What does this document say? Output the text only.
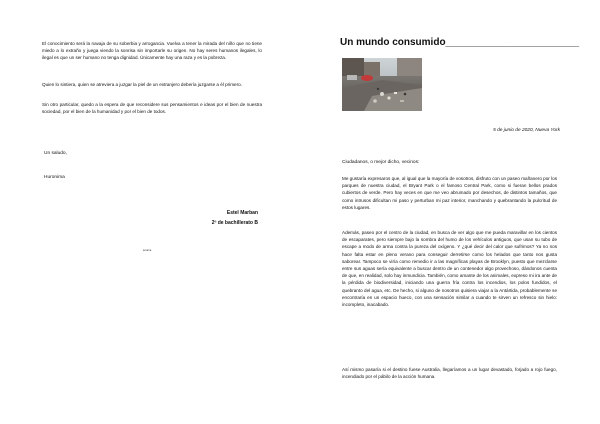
El conocimiento será la navaja de su soberbia y arrogancia. Vuelva a tener la mirada del niño que no tiene miedo a lo extraño y juega viendo la sonrisa sin importarle su origen. No hay seres humanos ilegales, lo ilegal es que un ser humano no tenga dignidad. Únicamente hay una raza y es la pobreza.

Quien lo sintiera, quien se atreviera a juzgar la piel de un extranjero debería juzgarse a él primero.

Sin otro particular, quedo a la espera de que reconsidere sus pensamientos e ideas por el bien de nuestra sociedad, por el bien de la humanidad y por el bien de todos.

Un saludo,
Huronima
Estel Marban
2º de bachillerato B
source
Un mundo consumido________________________
5 de junio de 2020, Nueva York
Ciudadanos, o mejor dicho, vecinos:

Me gustaría expresaros que, al igual que la mayoría de vosotros, disfruto con un paseo mañanero por los parques de nuestra ciudad, el Bryant Park o el famoso Central Park, como si fueran bellos prados cubiertos de verde. Pero hay veces en que me veo abrumado por desechos, de distintos tamaños, que como intrusos dificultan mi paso y perturban mi paz interior, manchando y quebrantando la pulcritud de estos lugares.

Además, paseo por el centro de la ciudad, en busca de ver algo que me pueda maravillar en los cientos de escaparates, pero siempre bajo la sombra del humo de los vehículos antiguos, que usan su tubo de escape a modo de arma contra la pureza del oxígeno. Y ¿qué decir del calor que sufrimos? Ya no nos hace falta estar en pleno verano para conseguir derretirse como los helados que tanto nos gusta saborear. Tampoco se viría como remedio ir a las magníficas playas de Brooklyn, puesto que mezclarse entre sus aguas sería equivalente a buscar dentro de un contenedor algo provechoso, dándonos cuenta de que, en realidad, solo hay inmundicia. También, como amante de los animales, expreso mi ira ante de la pérdida de biodiversidad, iniciando una guerra fría contra los incendios, los polos fundidos, el quebranto del agua, etc. De hecho, si alguno de nosotros quisiera viajar a la Antártida, probablemente se encontraría en un espacio hueco, con una sensación similar a cuando te sirven un refresco sin hielo: incompleto, inacabado.

Así mismo pasaría si el destino fuese Australia, llegaríamos a un lugar devastado, forjado a rojo fuego, incendiado por el pábilo de la acción humana.
